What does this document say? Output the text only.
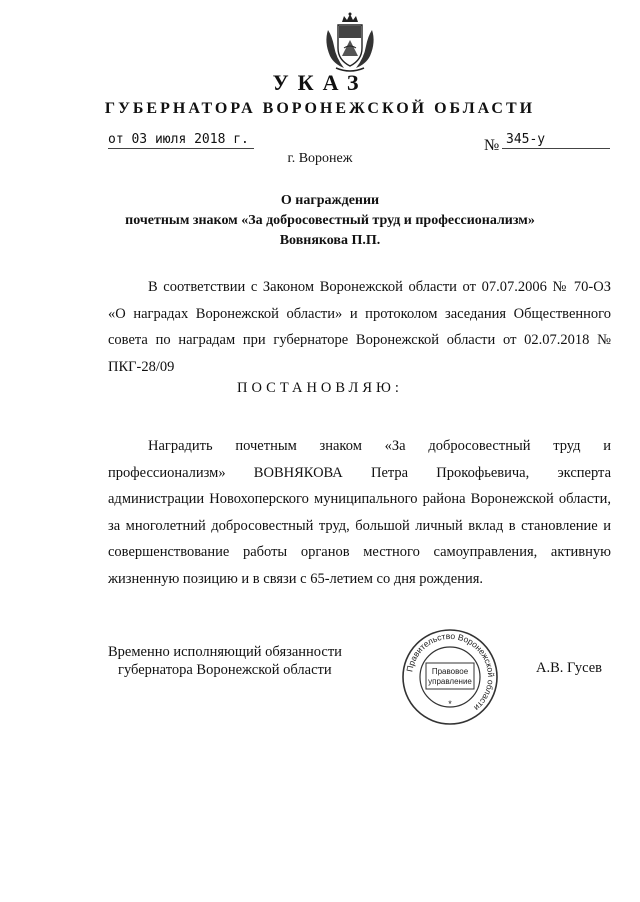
УКАЗ
ГУБЕРНАТОРА ВОРОНЕЖСКОЙ ОБЛАСТИ
от 03 июля 2018 г.	№ 345-у
г. Воронеж
О награждении
почетным знаком «За добросовестный труд и профессионализм»
Вовнякова П.П.
В соответствии с Законом Воронежской области от 07.07.2006 № 70-ОЗ «О наградах Воронежской области» и протоколом заседания Общественного совета по наградам при губернаторе Воронежской области от 02.07.2018 № ПКГ-28/09
ПОСТАНОВЛЯЮ:
Наградить почетным знаком «За добросовестный труд и профессионализм» ВОВНЯКОВА Петра Прокофьевича, эксперта администрации Новохоперского муниципального района Воронежской области, за многолетний добросовестный труд, большой личный вклад в становление и совершенствование работы органов местного самоуправления, активную жизненную позицию и в связи с 65-летием со дня рождения.
Временно исполняющий обязанности
губернатора Воронежской области	Правительство Воронежской области
Правовое
управление
*
А.В. Гусев
